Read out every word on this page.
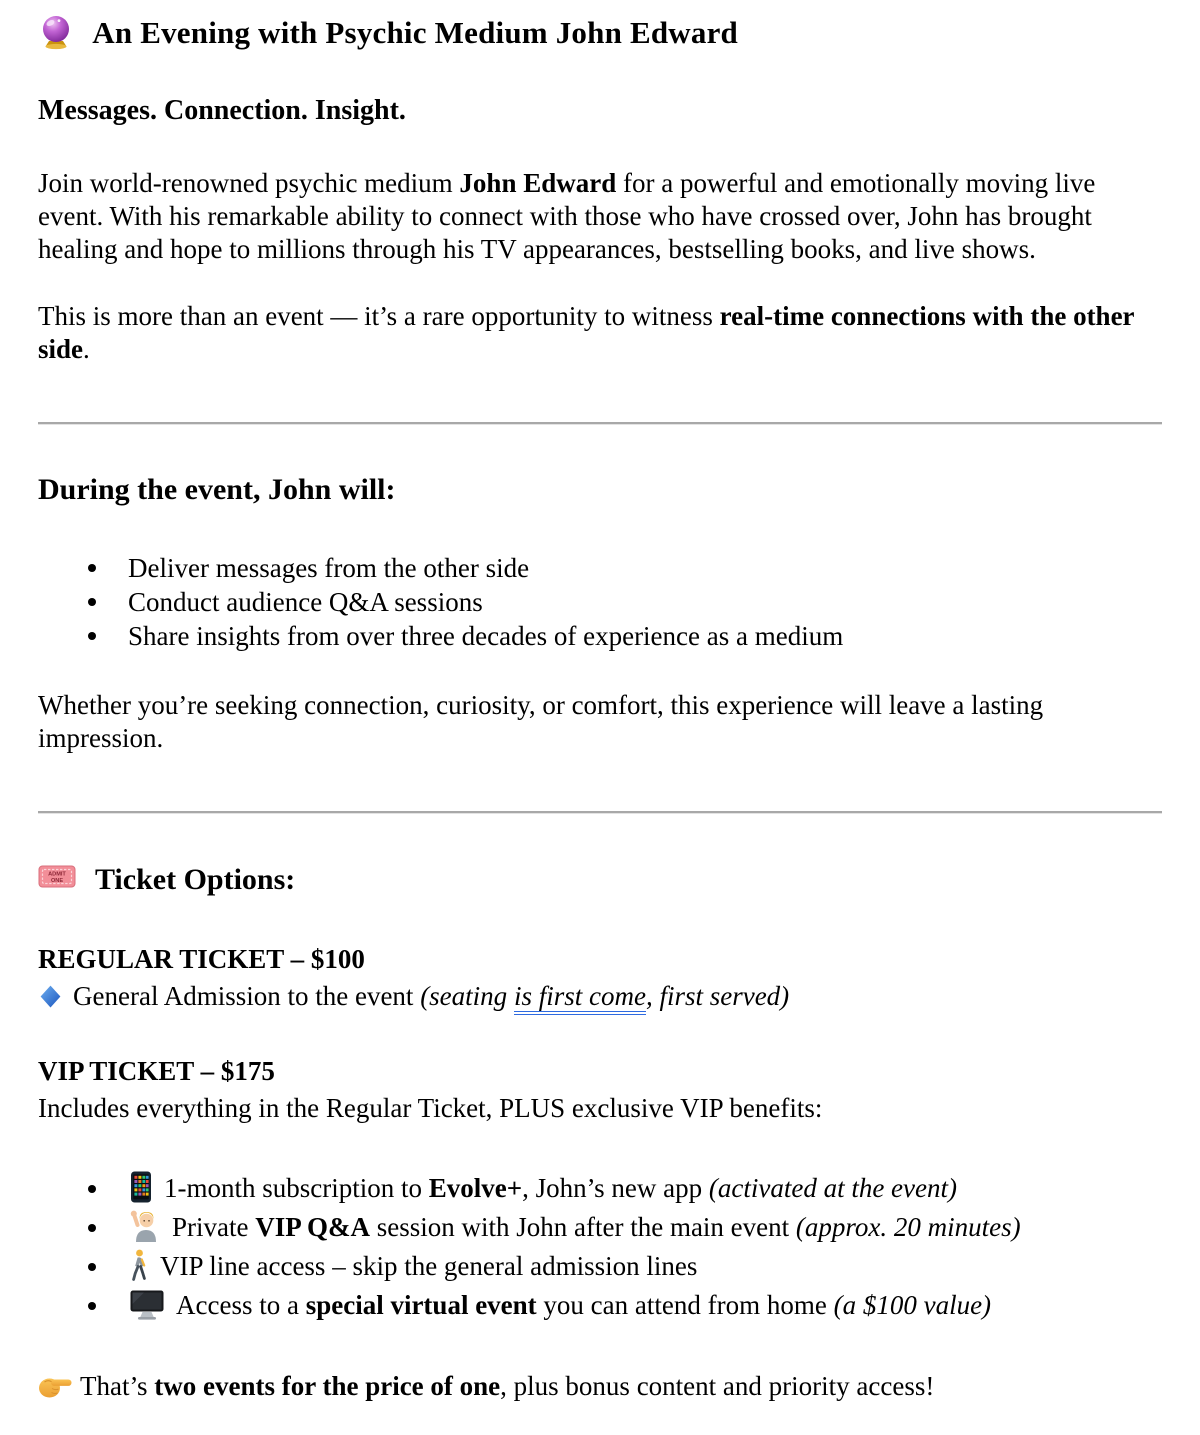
An Evening with Psychic Medium John Edward

Messages. Connection. Insight.

Join world-renowned psychic medium John Edward for a powerful and emotionally moving live event. With his remarkable ability to connect with those who have crossed over, John has brought healing and hope to millions through his TV appearances, bestselling books, and live shows.

This is more than an event — it’s a rare opportunity to witness real-time connections with the other side.

During the event, John will:
Deliver messages from the other side
Conduct audience Q&A sessions
Share insights from over three decades of experience as a medium

Whether you’re seeking connection, curiosity, or comfort, this experience will leave a lasting impression.

ADMIT
ONE Ticket Options:

REGULAR TICKET – $100

General Admission to the event (seating is first come, first served)

VIP TICKET – $175

Includes everything in the Regular Ticket, PLUS exclusive VIP benefits:

1-month subscription to Evolve+, John’s new app (activated at the event)
Private VIP Q&A session with John after the main event (approx. 20 minutes)
VIP line access – skip the general admission lines
Access to a special virtual event you can attend from home (a $100 value)

That’s two events for the price of one, plus bonus content and priority access!
